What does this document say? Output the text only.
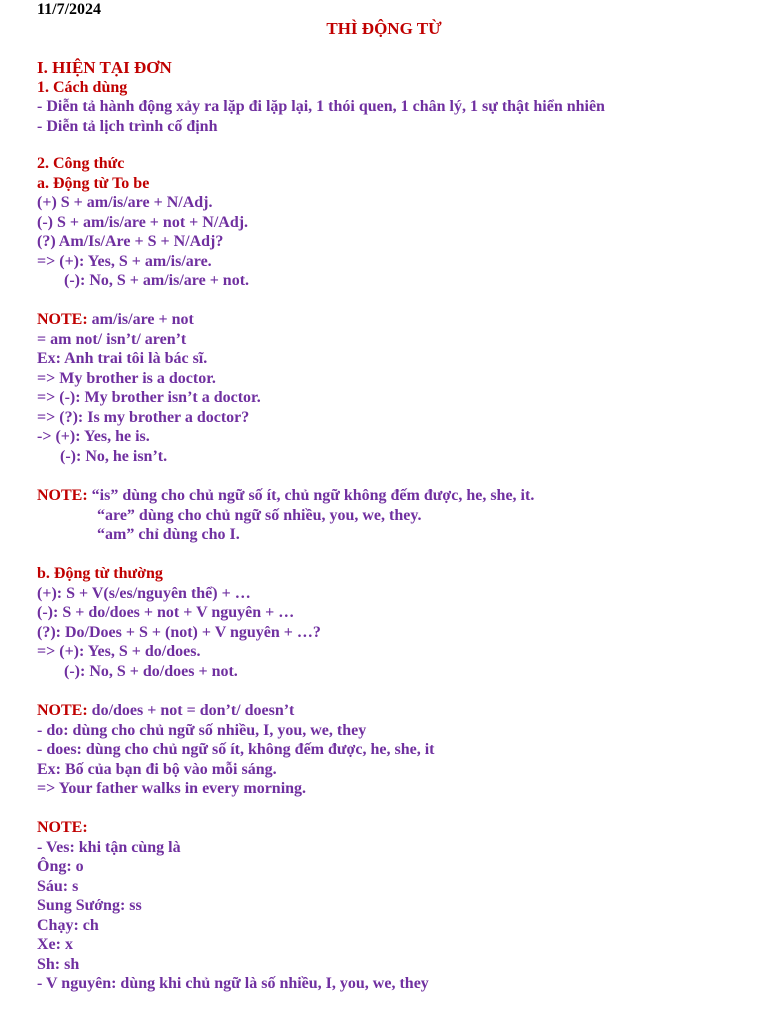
11/7/2024
THÌ ĐỘNG TỪ
I. HIỆN TẠI ĐƠN
1. Cách dùng
- Diễn tả hành động xảy ra lặp đi lặp lại, 1 thói quen, 1 chân lý, 1 sự thật hiển nhiên
- Diễn tả lịch trình cố định
2. Công thức
a. Động từ To be
(+) S + am/is/are + N/Adj.
(-) S + am/is/are + not + N/Adj.
(?) Am/Is/Are + S + N/Adj?
=> (+): Yes, S + am/is/are.
(-): No, S + am/is/are + not.
NOTE: am/is/are + not
= am not/ isn’t/ aren’t
Ex: Anh trai tôi là bác sĩ.
=> My brother is a doctor.
=> (-): My brother isn’t a doctor.
=> (?): Is my brother a doctor?
-> (+): Yes, he is.
(-): No, he isn’t.
NOTE: “is” dùng cho chủ ngữ số ít, chủ ngữ không đếm được, he, she, it.
“are” dùng cho chủ ngữ số nhiều, you, we, they.
“am” chỉ dùng cho I.
b. Động từ thường
(+): S + V(s/es/nguyên thể) + …
(-): S + do/does + not + V nguyên + …
(?): Do/Does + S + (not) + V nguyên + …?
=> (+): Yes, S + do/does.
(-): No, S + do/does + not.
NOTE: do/does + not = don’t/ doesn’t
- do: dùng cho chủ ngữ số nhiều, I, you, we, they
- does: dùng cho chủ ngữ số ít, không đếm được, he, she, it
Ex: Bố của bạn đi bộ vào mỗi sáng.
=> Your father walks in every morning.
NOTE:
- Ves: khi tận cùng là
Ông: o
Sáu: s
Sung Sướng: ss
Chạy: ch
Xe: x
Sh: sh
- V nguyên: dùng khi chủ ngữ là số nhiều, I, you, we, they
